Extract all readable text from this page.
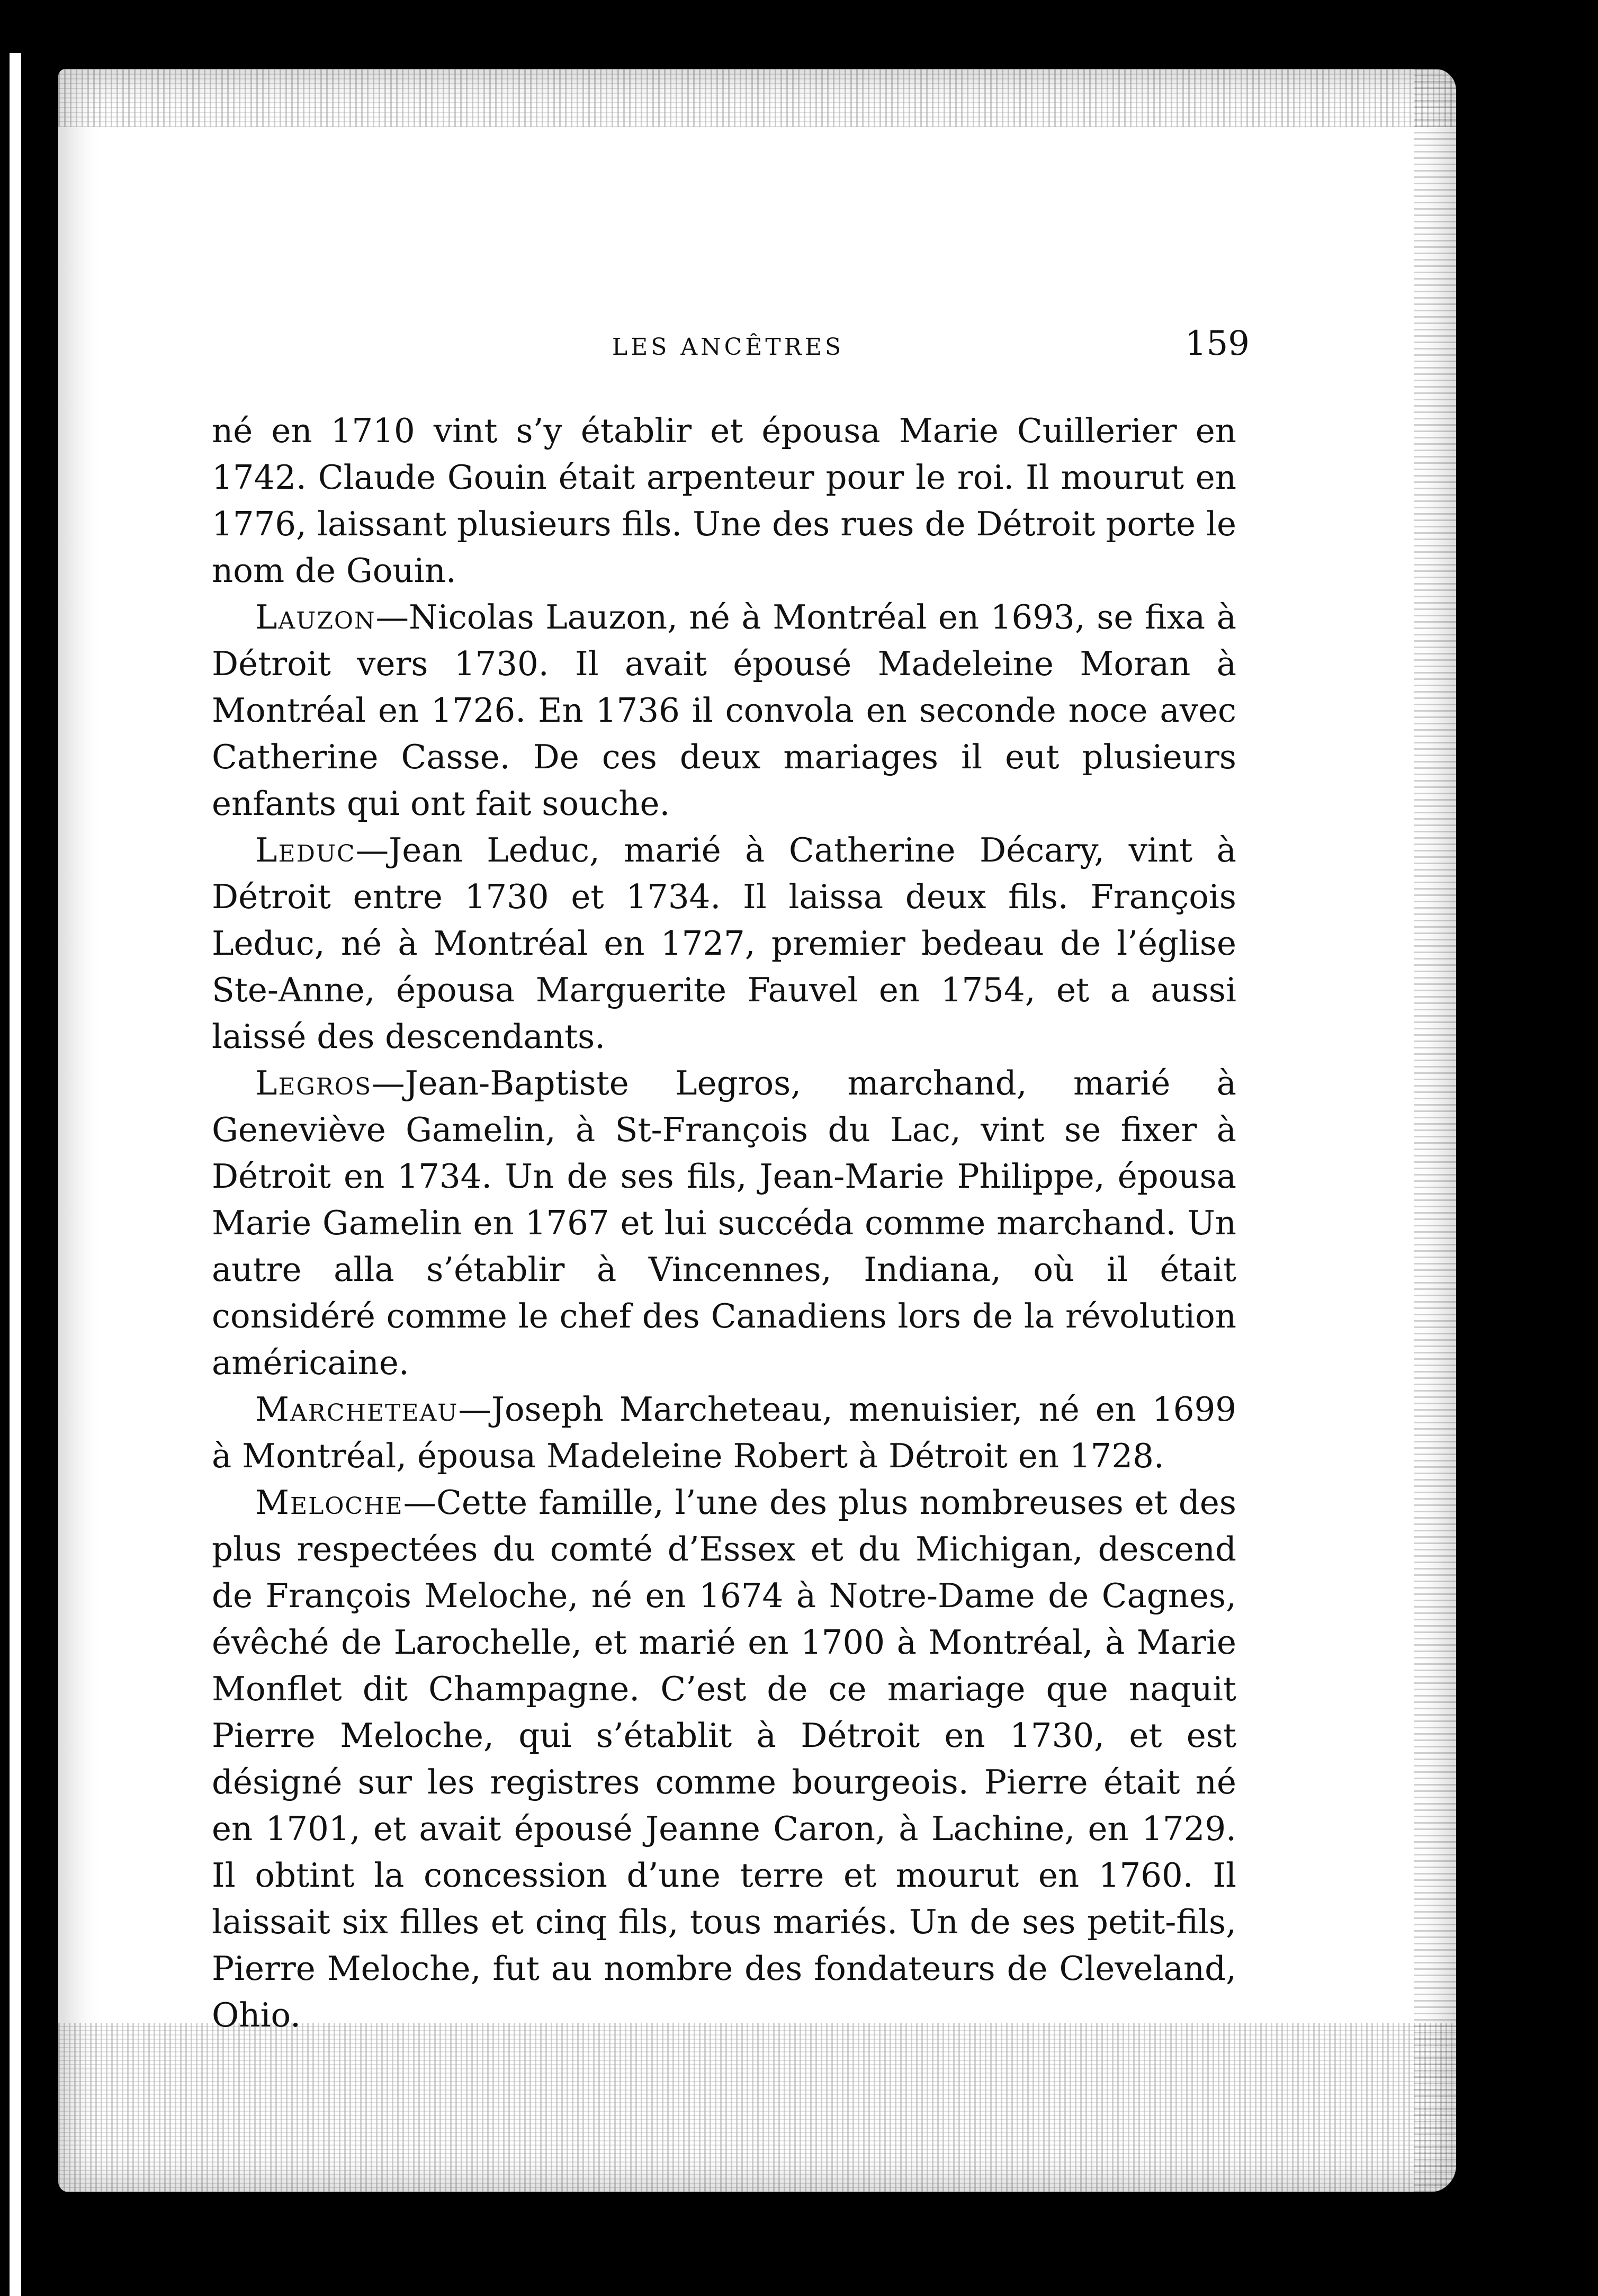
LES ANCÊTRES	159

né en 1710 vint s’y établir et épousa Marie Cuillerier en 1742. Claude Gouin était arpenteur pour le roi. Il mourut en 1776, laissant plusieurs fils. Une des rues de Détroit porte le nom de Gouin.

Lauzon—Nicolas Lauzon, né à Montréal en 1693, se fixa à Détroit vers 1730. Il avait épousé Madeleine Moran à Montréal en 1726. En 1736 il convola en seconde noce avec Catherine Casse. De ces deux mariages il eut plusieurs enfants qui ont fait souche.

Leduc—Jean Leduc, marié à Catherine Décary, vint à Détroit entre 1730 et 1734. Il laissa deux fils. François Leduc, né à Montréal en 1727, premier bedeau de l’église Ste-Anne, épousa Marguerite Fauvel en 1754, et a aussi laissé des descendants.

Legros—Jean-Baptiste Legros, marchand, marié à Geneviève Gamelin, à St-François du Lac, vint se fixer à Détroit en 1734. Un de ses fils, Jean-Marie Philippe, épousa Marie Gamelin en 1767 et lui succéda comme marchand. Un autre alla s’établir à Vincennes, Indiana, où il était considéré comme le chef des Canadiens lors de la révolution américaine.

Marcheteau—Joseph Marcheteau, menuisier, né en 1699 à Montréal, épousa Madeleine Robert à Détroit en 1728.

Meloche—Cette famille, l’une des plus nombreuses et des plus respectées du comté d’Essex et du Michigan, descend de François Meloche, né en 1674 à Notre-Dame de Cagnes, évêché de Larochelle, et marié en 1700 à Montréal, à Marie Monflet dit Champagne. C’est de ce mariage que naquit Pierre Meloche, qui s’établit à Détroit en 1730, et est désigné sur les registres comme bourgeois. Pierre était né en 1701, et avait épousé Jeanne Caron, à Lachine, en 1729. Il obtint la concession d’une terre et mourut en 1760. Il laissait six filles et cinq fils, tous mariés. Un de ses petit-fils, Pierre Meloche, fut au nombre des fondateurs de Cleveland, Ohio.
